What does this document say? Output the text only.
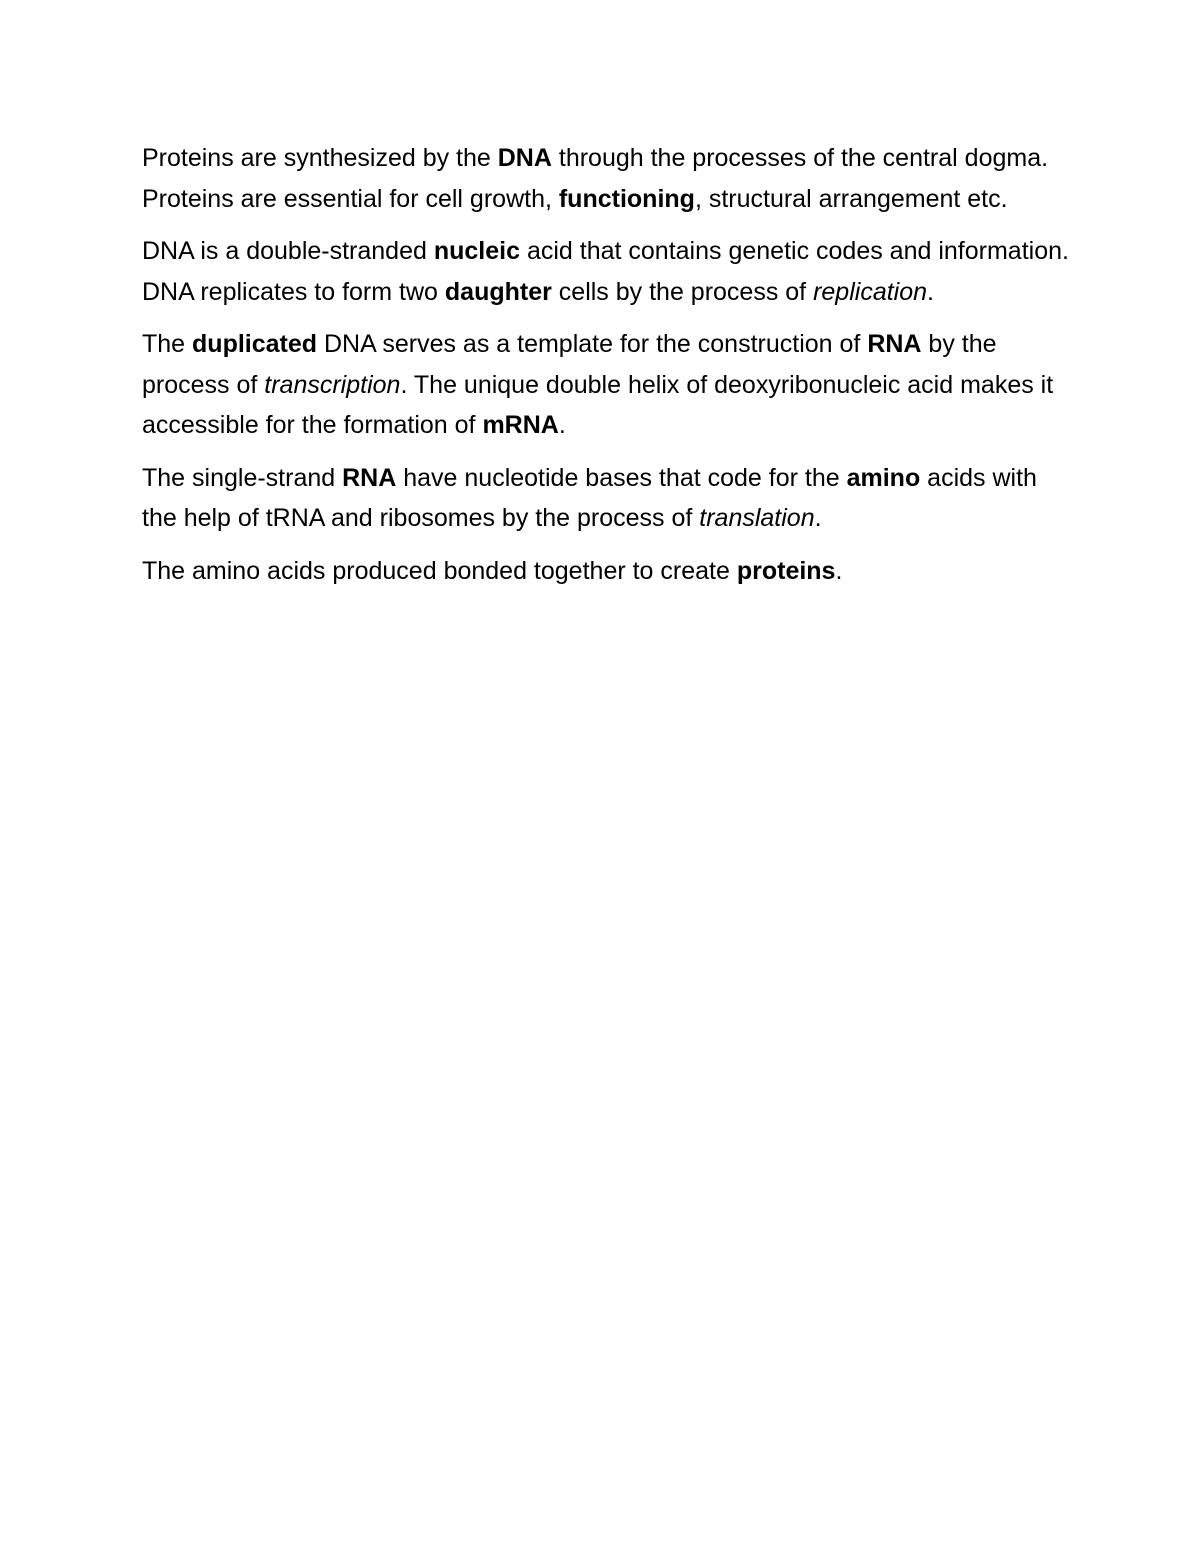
Proteins are synthesized by the DNA through the processes of the central dogma. Proteins are essential for cell growth, functioning, structural arrangement etc.

DNA is a double-stranded nucleic acid that contains genetic codes and information. DNA replicates to form two daughter cells by the process of replication.

The duplicated DNA serves as a template for the construction of RNA by the process of transcription. The unique double helix of deoxyribonucleic acid makes it accessible for the formation of mRNA.

The single-strand RNA have nucleotide bases that code for the amino acids with the help of tRNA and ribosomes by the process of translation.

The amino acids produced bonded together to create proteins.
